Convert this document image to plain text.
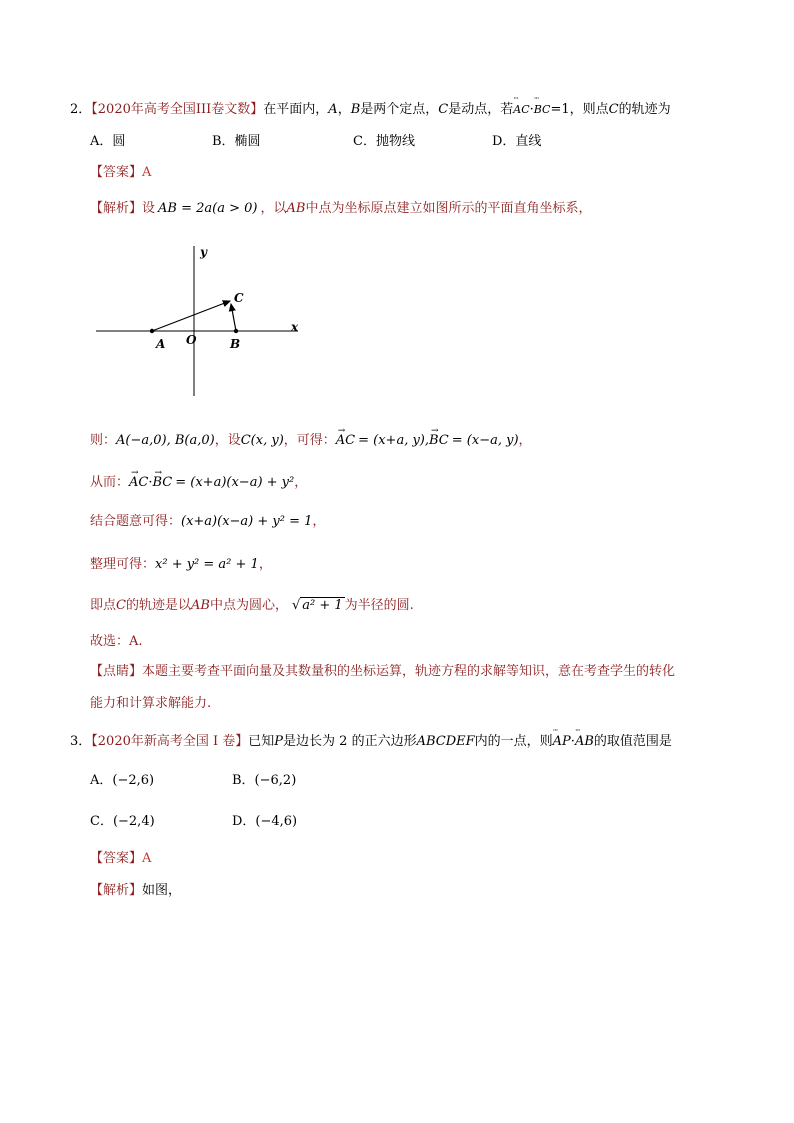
2．【2020年高考全国III卷文数】在平面内，A，B是两个定点，C是动点，若··· AC···· BC=1，则点C的轨迹为
A．圆	B．椭圆	C．抛物线	D．直线
【答案】A
【解析】设 AB = 2a(a > 0) ，以AB中点为坐标原点建立如图所示的平面直角坐标系，
y
x
A O	B
C
则：A(−a,0), B(a,0)，设C(x, y)，可得：→ AC = (x+a, y),→ BC = (x−a, y)，
从而：→ AC·→ BC = (x+a)(x−a) + y²，
结合题意可得：(x+a)(x−a) + y² = 1，
整理可得：x² + y² = a² + 1，
即点C的轨迹是以AB中点为圆心， √ a² + 1 为半径的圆.
故选：A.
【点睛】本题主要考查平面向量及其数量积的坐标运算，轨迹方程的求解等知识，意在考查学生的转化
能力和计算求解能力.
3．【2020年新高考全国 I 卷】已知P是边长为 2 的正六边形ABCDEF内的一点，则··· AP···· AB的取值范围是
A．(−2,6)	B．(−6,2)
C．(−2,4)	D．(−4,6)
【答案】A
【解析】如图，
